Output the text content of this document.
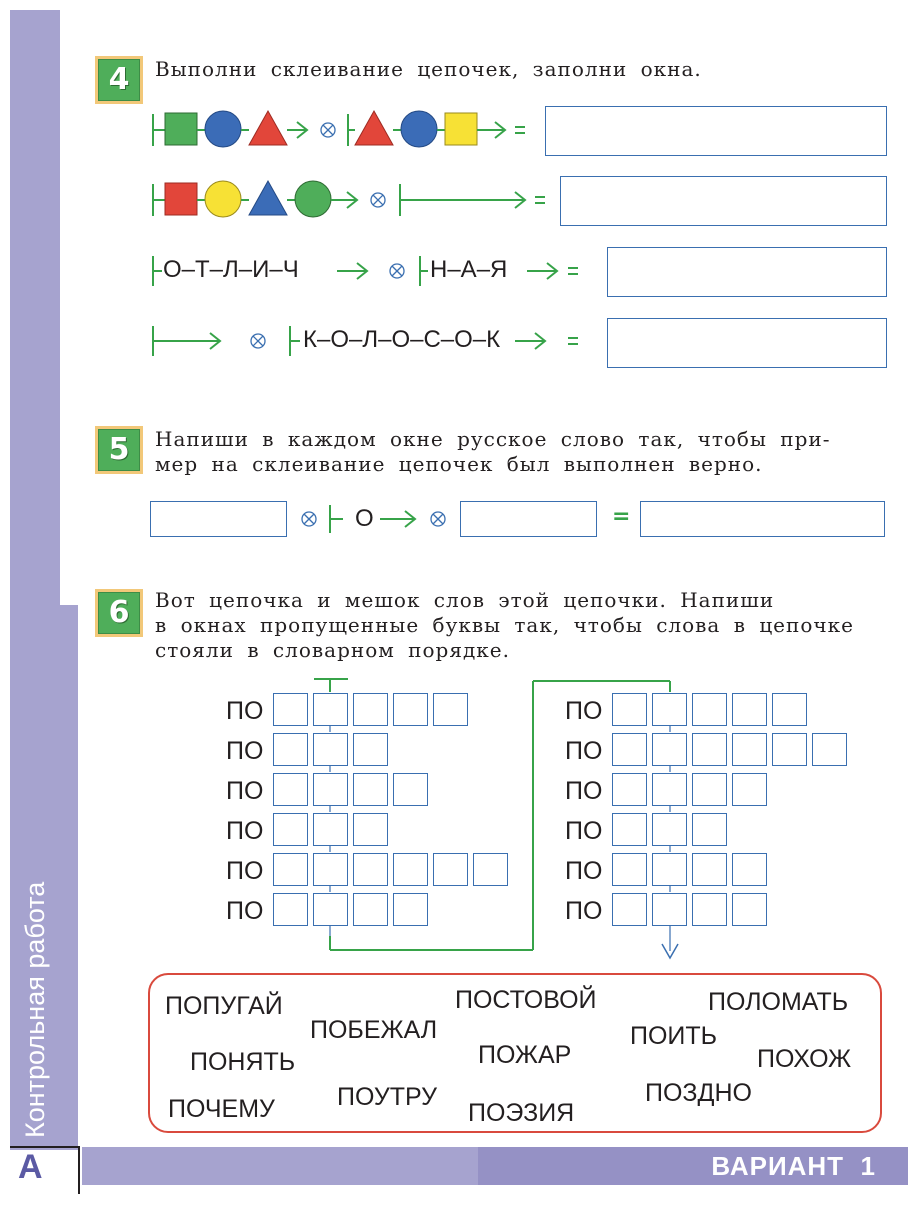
Контрольная работа
ВАРИАНТ 1
А
4	Выполни склеивание цепочек, заполни окна.
О–Т–Л–И–Ч	Н–А–Я
К–О–Л–О–С–О–К
5	Напиши в каждом окне русское слово так, чтобы при-
мер на склеивание цепочек был выполнен верно.
О	=
6	Вот цепочка и мешок слов этой цепочки. Напиши
в окнах пропущенные буквы так, чтобы слова в цепочке
стояли в словарном порядке.
ПО
ПО
ПО
ПО
ПО
ПО
ПО
ПО
ПО
ПО
ПО
ПО
ПОПУГАЙ
ПОБЕЖАЛ
ПОСТОВОЙ
ПОИТЬ
ПОЛОМАТЬ
ПОНЯТЬ	ПОЖАР	ПОХОЖ
ПОЧЕМУ ПОУТРУ
ПОЭЗИЯ
ПОЗДНО
